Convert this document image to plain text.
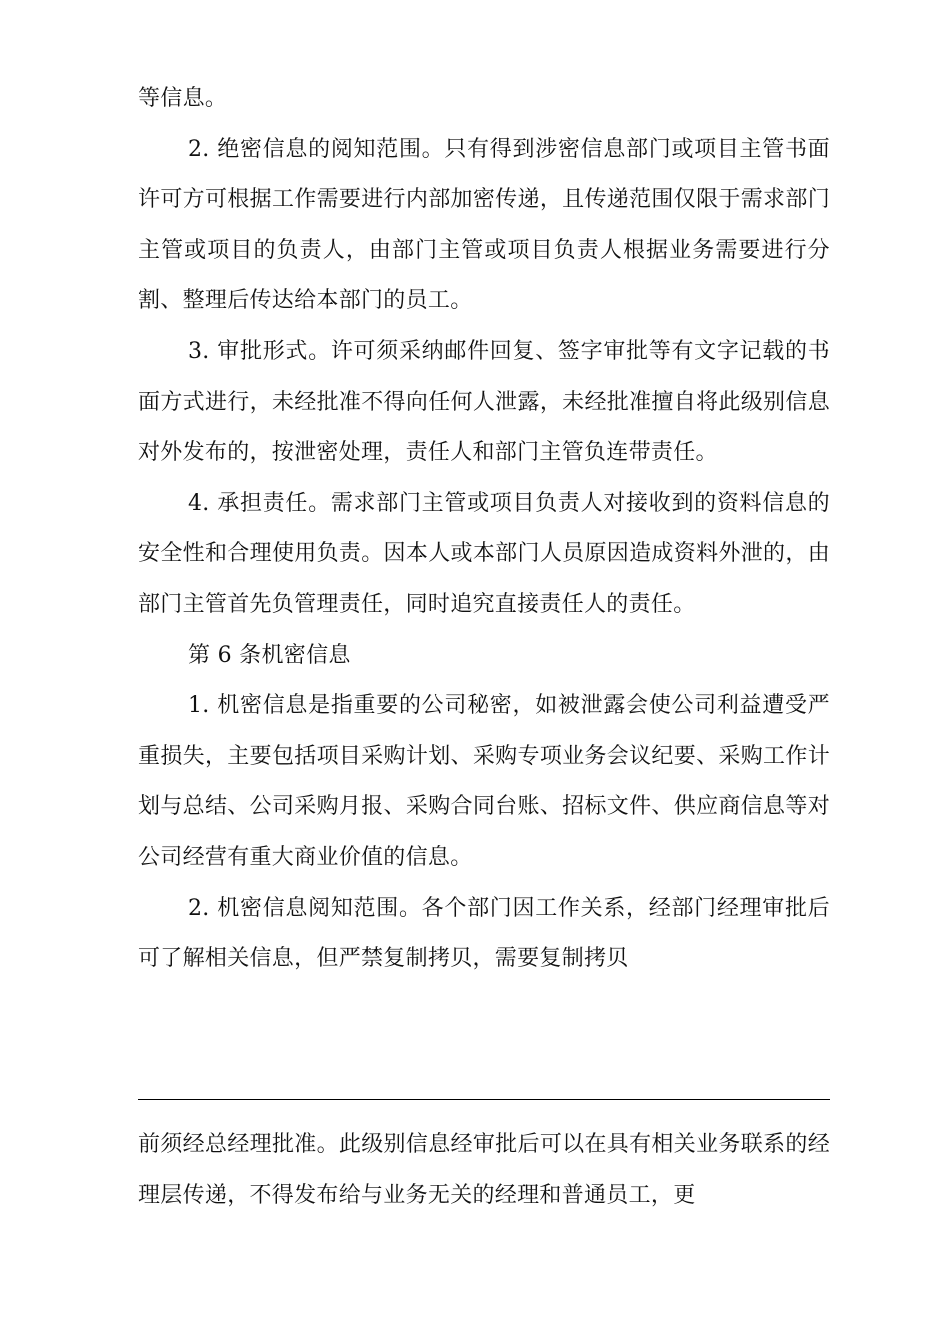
等信息。

2. 绝密信息的阅知范围。只有得到涉密信息部门或项目主管书面许可方可根据工作需要进行内部加密传递，且传递范围仅限于需求部门主管或项目的负责人，由部门主管或项目负责人根据业务需要进行分割、整理后传达给本部门的员工。

3. 审批形式。许可须采纳邮件回复、签字审批等有文字记载的书面方式进行，未经批准不得向任何人泄露，未经批准擅自将此级别信息对外发布的，按泄密处理，责任人和部门主管负连带责任。

4. 承担责任。需求部门主管或项目负责人对接收到的资料信息的安全性和合理使用负责。因本人或本部门人员原因造成资料外泄的，由部门主管首先负管理责任，同时追究直接责任人的责任。

第 6 条机密信息

1. 机密信息是指重要的公司秘密，如被泄露会使公司利益遭受严重损失，主要包括项目采购计划、采购专项业务会议纪要、采购工作计划与总结、公司采购月报、采购合同台账、招标文件、供应商信息等对公司经营有重大商业价值的信息。

2. 机密信息阅知范围。各个部门因工作关系，经部门经理审批后可了解相关信息，但严禁复制拷贝，需要复制拷贝

前须经总经理批准。此级别信息经审批后可以在具有相关业务联系的经理层传递，不得发布给与业务无关的经理和普通员工，更
